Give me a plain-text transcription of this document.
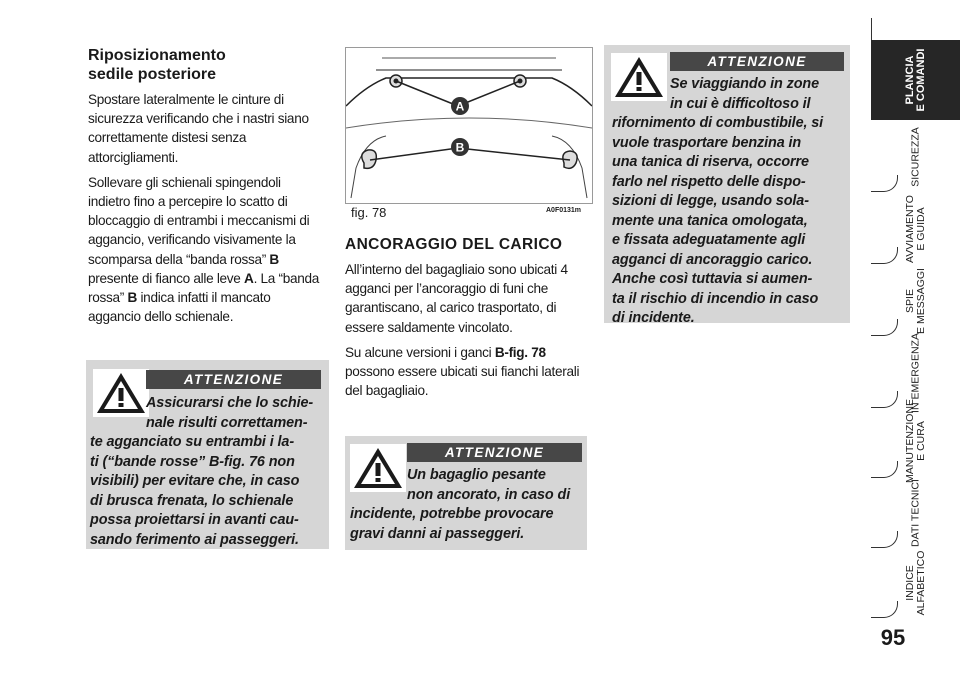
Riposizionamento
sedile posteriore

Spostare lateralmente le cinture di sicurezza verificando che i nastri siano correttamente distesi senza attorcigliamenti.

Sollevare gli schienali spingendoli indietro fino a percepire lo scatto di bloccaggio di entrambi i meccanismi di aggancio, verificando visivamente la scomparsa della “banda rossa” B presente di fianco alle leve A. La “banda rossa” B indica infatti il mancato aggancio dello schienale.

ATTENZIONE
Assicurarsi che lo schie-
nale risulti correttamen-
te agganciato su entrambi i la-
ti (“bande rosse” B-fig. 76 non
visibili) per evitare che, in caso
di brusca frenata, lo schienale
possa proiettarsi in avanti cau-
sando ferimento ai passeggeri.
A
B
fig. 78	A0F0131m
ANCORAGGIO DEL CARICO

All’interno del bagagliaio sono ubicati 4 agganci per l’ancoraggio di funi che garantiscano, al carico trasportato, di essere saldamente vincolato.

Su alcune versioni i ganci B-fig. 78 possono essere ubicati sui fianchi laterali del bagagliaio.

ATTENZIONE
Un bagaglio pesante
non ancorato, in caso di
incidente, potrebbe provocare
gravi danni ai passeggeri.
ATTENZIONE
Se viaggiando in zone
in cui è difficoltoso il
rifornimento di combustibile, si
vuole trasportare benzina in
una tanica di riserva, occorre
farlo nel rispetto delle dispo-
sizioni di legge, usando sola-
mente una tanica omologata,
e fissata adeguatamente agli
agganci di ancoraggio carico.
Anche così tuttavia si aumen-
ta il rischio di incendio in caso
di incidente.
PLANCIA E COMANDI
SICUREZZA
AVVIAMENTO E GUIDA
SPIE E MESSAGGI
IN EMERGENZA
MANUTENZIONE E CURA
DATI TECNICI
INDICE ALFABETICO
95
